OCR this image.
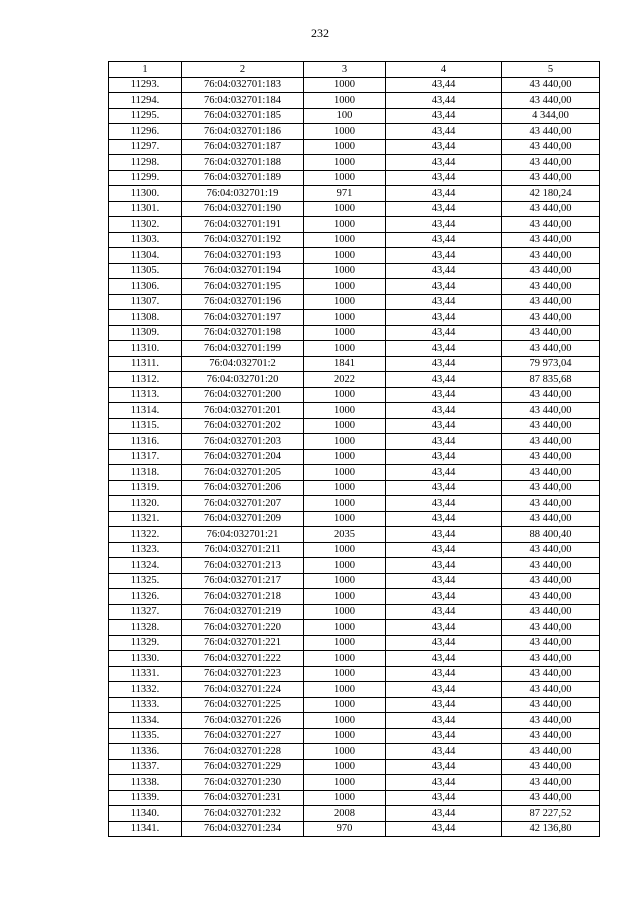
232
1	2	3	4	5
11293.	76:04:032701:183	1000	43,44	43 440,00
11294.	76:04:032701:184	1000	43,44	43 440,00
11295.	76:04:032701:185	100	43,44	4 344,00
11296.	76:04:032701:186	1000	43,44	43 440,00
11297.	76:04:032701:187	1000	43,44	43 440,00
11298.	76:04:032701:188	1000	43,44	43 440,00
11299.	76:04:032701:189	1000	43,44	43 440,00
11300.	76:04:032701:19	971	43,44	42 180,24
11301.	76:04:032701:190	1000	43,44	43 440,00
11302.	76:04:032701:191	1000	43,44	43 440,00
11303.	76:04:032701:192	1000	43,44	43 440,00
11304.	76:04:032701:193	1000	43,44	43 440,00
11305.	76:04:032701:194	1000	43,44	43 440,00
11306.	76:04:032701:195	1000	43,44	43 440,00
11307.	76:04:032701:196	1000	43,44	43 440,00
11308.	76:04:032701:197	1000	43,44	43 440,00
11309.	76:04:032701:198	1000	43,44	43 440,00
11310.	76:04:032701:199	1000	43,44	43 440,00
11311.	76:04:032701:2	1841	43,44	79 973,04
11312.	76:04:032701:20	2022	43,44	87 835,68
11313.	76:04:032701:200	1000	43,44	43 440,00
11314.	76:04:032701:201	1000	43,44	43 440,00
11315.	76:04:032701:202	1000	43,44	43 440,00
11316.	76:04:032701:203	1000	43,44	43 440,00
11317.	76:04:032701:204	1000	43,44	43 440,00
11318.	76:04:032701:205	1000	43,44	43 440,00
11319.	76:04:032701:206	1000	43,44	43 440,00
11320.	76:04:032701:207	1000	43,44	43 440,00
11321.	76:04:032701:209	1000	43,44	43 440,00
11322.	76:04:032701:21	2035	43,44	88 400,40
11323.	76:04:032701:211	1000	43,44	43 440,00
11324.	76:04:032701:213	1000	43,44	43 440,00
11325.	76:04:032701:217	1000	43,44	43 440,00
11326.	76:04:032701:218	1000	43,44	43 440,00
11327.	76:04:032701:219	1000	43,44	43 440,00
11328.	76:04:032701:220	1000	43,44	43 440,00
11329.	76:04:032701:221	1000	43,44	43 440,00
11330.	76:04:032701:222	1000	43,44	43 440,00
11331.	76:04:032701:223	1000	43,44	43 440,00
11332.	76:04:032701:224	1000	43,44	43 440,00
11333.	76:04:032701:225	1000	43,44	43 440,00
11334.	76:04:032701:226	1000	43,44	43 440,00
11335.	76:04:032701:227	1000	43,44	43 440,00
11336.	76:04:032701:228	1000	43,44	43 440,00
11337.	76:04:032701:229	1000	43,44	43 440,00
11338.	76:04:032701:230	1000	43,44	43 440,00
11339.	76:04:032701:231	1000	43,44	43 440,00
11340.	76:04:032701:232	2008	43,44	87 227,52
11341.	76:04:032701:234	970	43,44	42 136,80
